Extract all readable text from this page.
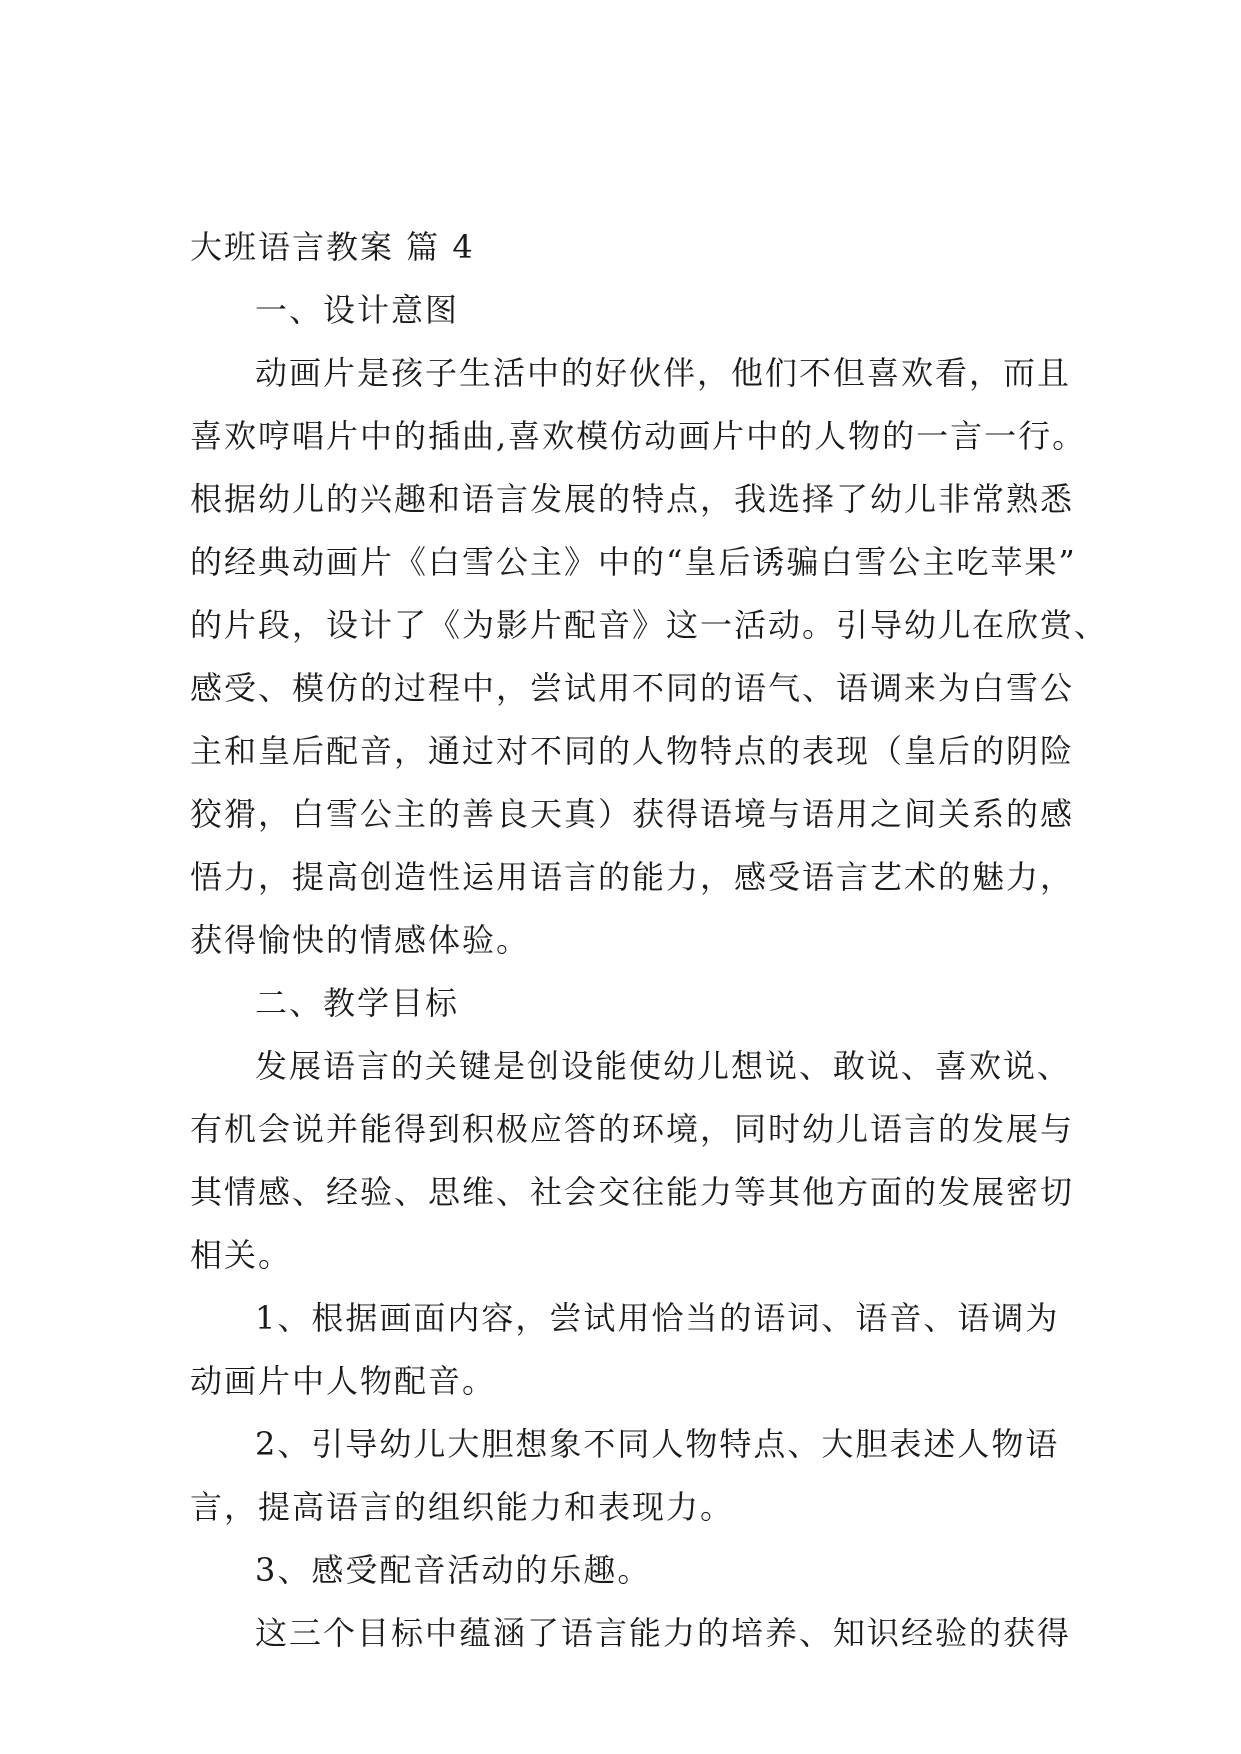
大班语言教案 篇 4
一、设计意图
动画片是孩子生活中的好伙伴，他们不但喜欢看，而且
喜欢哼唱片中的插曲,喜欢模仿动画片中的人物的一言一行。
根据幼儿的兴趣和语言发展的特点，我选择了幼儿非常熟悉
的经典动画片《白雪公主》中的“皇后诱骗白雪公主吃苹果”
的片段，设计了《为影片配音》这一活动。引导幼儿在欣赏、
感受、模仿的过程中，尝试用不同的语气、语调来为白雪公
主和皇后配音，通过对不同的人物特点的表现（皇后的阴险
狡猾，白雪公主的善良天真）获得语境与语用之间关系的感
悟力，提高创造性运用语言的能力，感受语言艺术的魅力，
获得愉快的情感体验。
二、教学目标
发展语言的关键是创设能使幼儿想说、敢说、喜欢说、
有机会说并能得到积极应答的环境，同时幼儿语言的发展与
其情感、经验、思维、社会交往能力等其他方面的发展密切
相关。
1、根据画面内容，尝试用恰当的语词、语音、语调为
动画片中人物配音。
2、引导幼儿大胆想象不同人物特点、大胆表述人物语
言，提高语言的组织能力和表现力。
3、感受配音活动的乐趣。
这三个目标中蕴涵了语言能力的培养、知识经验的获得
